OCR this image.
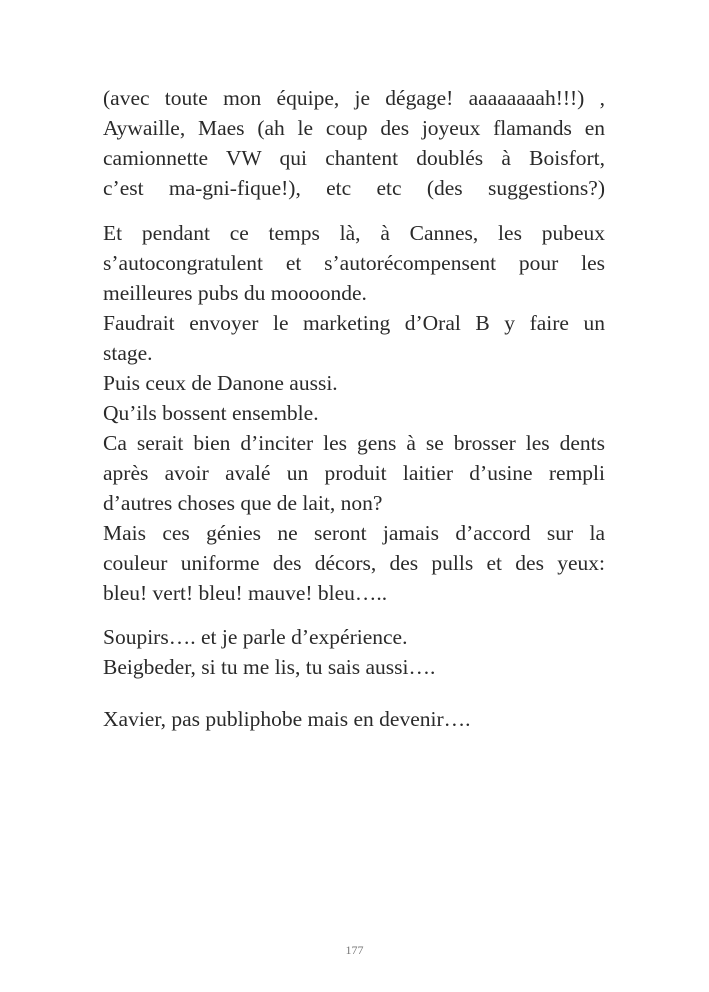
(avec toute mon équipe, je dégage! aaaaaaaah!!!) ,
Aywaille, Maes (ah le coup des joyeux flamands en
camionnette VW qui chantent doublés à Boisfort,
c’est ma-gni-fique!), etc etc (des suggestions?)
Et pendant ce temps là, à Cannes, les pubeux
s’autocongratulent et s’autorécompensent pour les
meilleures pubs du moooonde.
Faudrait envoyer le marketing d’Oral B y faire un
stage.
Puis ceux de Danone aussi.
Qu’ils bossent ensemble.
Ca serait bien d’inciter les gens à se brosser les dents
après avoir avalé un produit laitier d’usine rempli
d’autres choses que de lait, non?
Mais ces génies ne seront jamais d’accord sur la
couleur uniforme des décors, des pulls et des yeux:
bleu! vert! bleu! mauve! bleu…..
Soupirs…. et je parle d’expérience.
Beigbeder, si tu me lis, tu sais aussi….
Xavier, pas publiphobe mais en devenir….
177
